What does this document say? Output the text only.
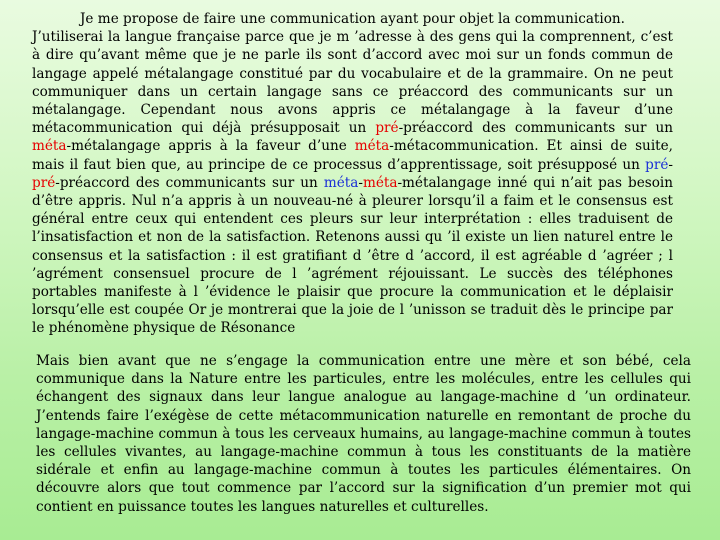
Je me propose de faire une communication ayant pour objet la communication.
J’utiliserai la langue française parce que je m ’adresse à des gens qui la comprennent, c’est à dire qu’avant même que je ne parle ils sont d’accord avec moi sur un fonds commun de langage appelé métalangage constitué par du vocabulaire et de la grammaire. On ne peut communiquer dans un certain langage sans ce préaccord des communicants sur un métalangage. Cependant nous avons appris ce métalangage à la faveur d’une métacommunication qui déjà présupposait un pré-préaccord des communicants sur un méta-métalangage appris à la faveur d’une méta-métacommunication. Et ainsi de suite, mais il faut bien que, au principe de ce processus d’apprentissage, soit présupposé un pré-pré-préaccord des communicants sur un méta-méta-métalangage inné qui n’ait pas besoin d’être appris. Nul n’a appris à un nouveau-né à pleurer lorsqu’il a faim et le consensus est général entre ceux qui entendent ces pleurs sur leur interprétation : elles traduisent de l’insatisfaction et non de la satisfaction. Retenons aussi qu ’il existe un lien naturel entre le consensus et la satisfaction : il est gratifiant d ’être d ’accord, il est agréable d ’agréer ; l ’agrément consensuel procure de l ’agrément réjouissant. Le succès des téléphones portables manifeste à l ’évidence le plaisir que procure la communication et le déplaisir lorsqu’elle est coupée Or je montrerai que la joie de l ’unisson se traduit dès le principe par le phénomène physique de Résonance

Mais bien avant que ne s’engage la communication entre une mère et son bébé, cela communique dans la Nature entre les particules, entre les molécules, entre les cellules qui échangent des signaux dans leur langue analogue au langage-machine d ’un ordinateur. J’entends faire l’exégèse de cette métacommunication naturelle en remontant de proche du langage-machine commun à tous les cerveaux humains, au langage-machine commun à toutes les cellules vivantes, au langage-machine commun à tous les constituants de la matière sidérale et enfin au langage-machine commun à toutes les particules élémentaires. On découvre alors que tout commence par l’accord sur la signification d’un premier mot qui contient en puissance toutes les langues naturelles et culturelles.
